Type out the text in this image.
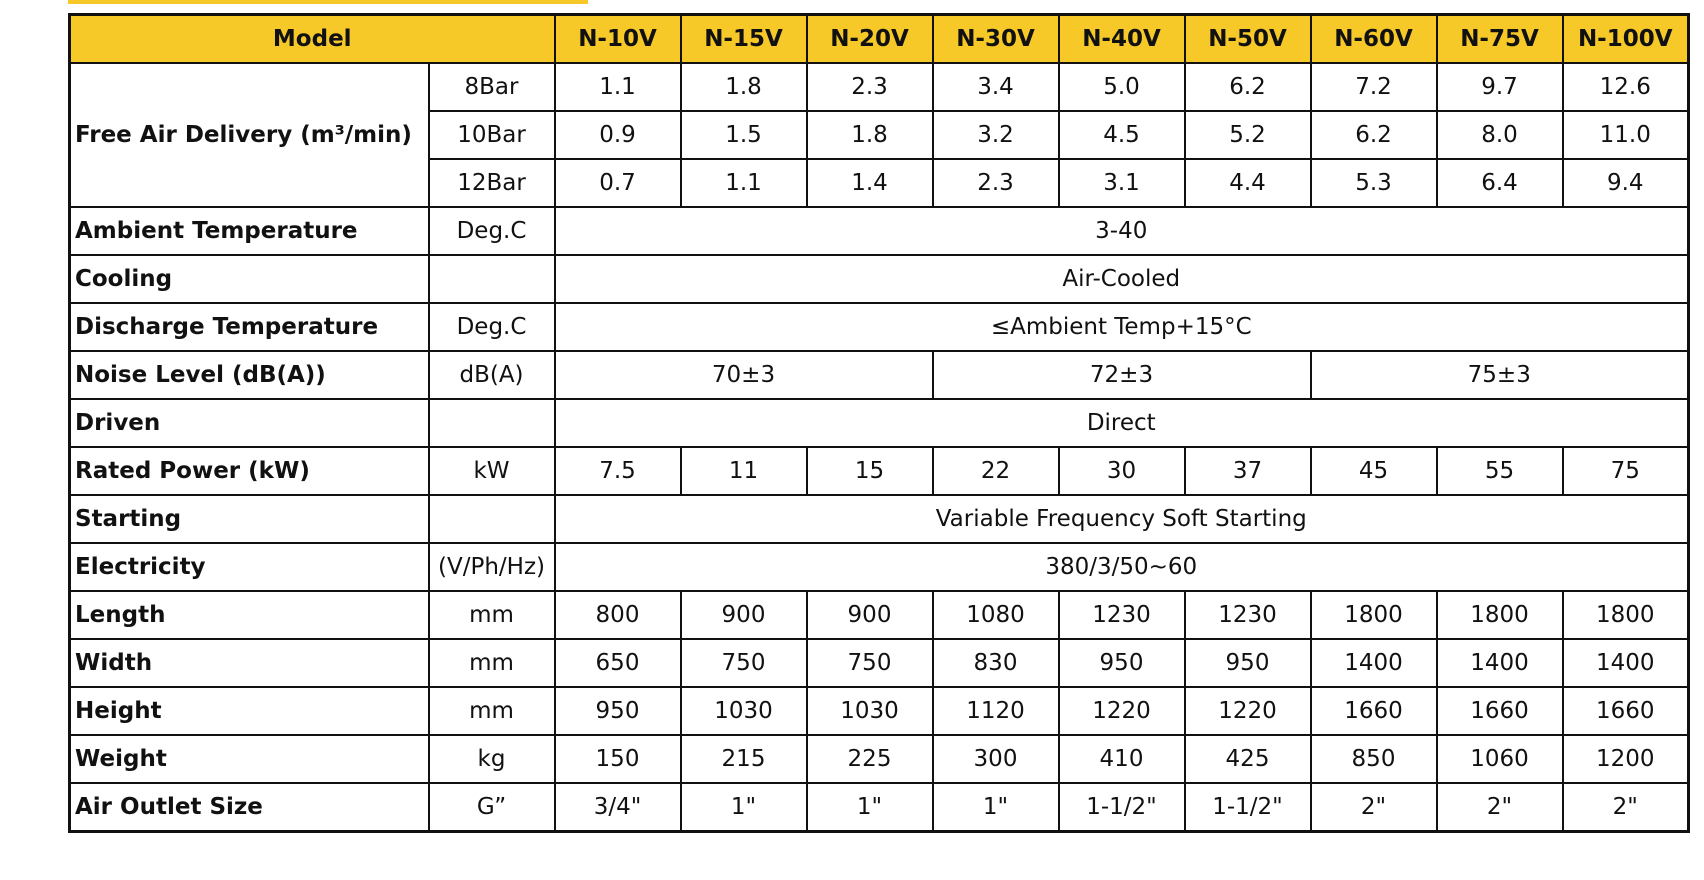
Model		N-10V	N-15V	N-20V	N-30V	N-40V	N-50V	N-60V	N-75V	N-100V
Free Air Delivery (m³/min)	8Bar	1.1	1.8	2.3	3.4	5.0	6.2	7.2	9.7	12.6
	10Bar	0.9	1.5	1.8	3.2	4.5	5.2	6.2	8.0	11.0
	12Bar	0.7	1.1	1.4	2.3	3.1	4.4	5.3	6.4	9.4
Ambient Temperature	Deg.C	3-40								
Cooling		Air-Cooled								
Discharge Temperature	Deg.C	≤Ambient Temp+15°C								
Noise Level (dB(A))	dB(A)	70±3			72±3			75±3		
Driven		Direct								
Rated Power (kW)	kW	7.5	11	15	22	30	37	45	55	75
Starting		Variable Frequency Soft Starting								
Electricity	(V/Ph/Hz)	380/3/50~60								
Length	mm	800	900	900	1080	1230	1230	1800	1800	1800
Width	mm	650	750	750	830	950	950	1400	1400	1400
Height	mm	950	1030	1030	1120	1220	1220	1660	1660	1660
Weight	kg	150	215	225	300	410	425	850	1060	1200
Air Outlet Size	G”	3/4"	1"	1"	1"	1-1/2"	1-1/2"	2"	2"	2"
